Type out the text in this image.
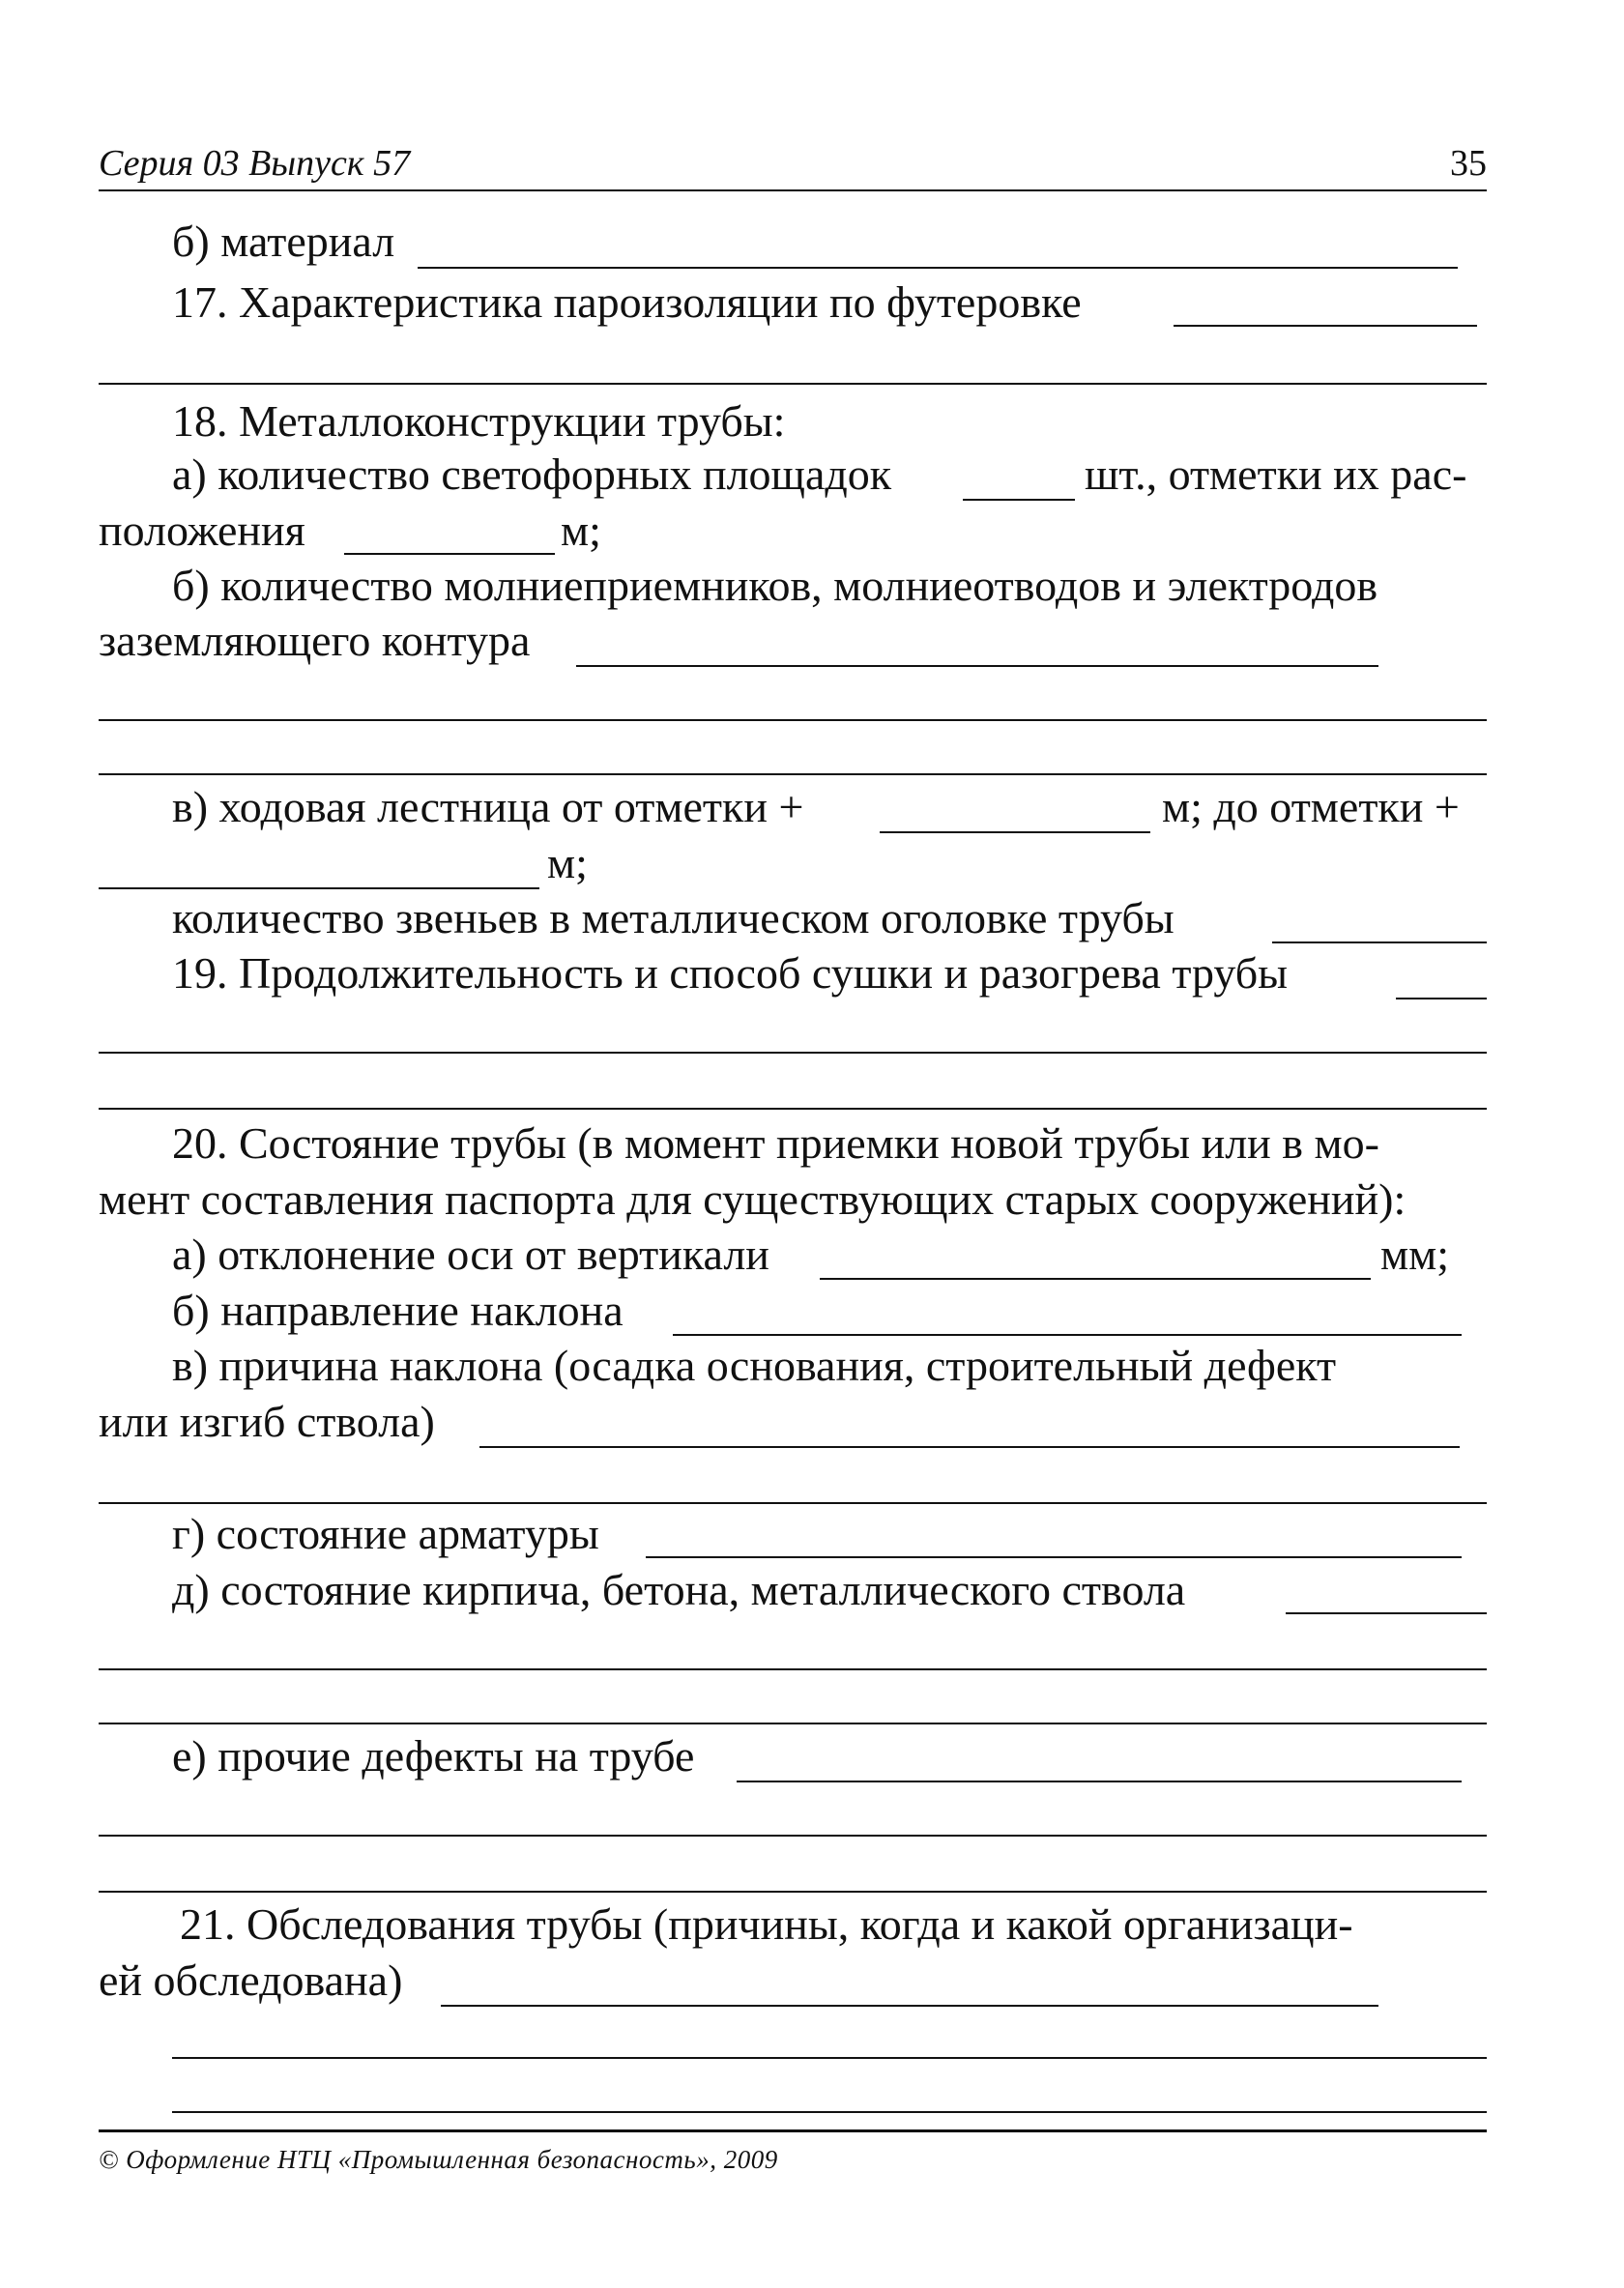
Серия 03 Выпуск 57	35
б) материал
17. Характеристика пароизоляции по футеровке
18. Металлоконструкции трубы:
а) количество светофорных площадок	шт., отметки их рас-
положения	м;
б) количество молниеприемников, молниеотводов и электродов
заземляющего контура
в) ходовая лестница от отметки +	м; до отметки +
м;
количество звеньев в металлическом оголовке трубы
19. Продолжительность и способ сушки и разогрева трубы
20. Состояние трубы (в момент приемки новой трубы или в мо-
мент составления паспорта для существующих старых сооружений):
а) отклонение оси от вертикали	мм;
б) направление наклона
в) причина наклона (осадка основания, строительный дефект
или изгиб ствола)
г) состояние арматуры
д) состояние кирпича, бетона, металлического ствола
е) прочие дефекты на трубе
21. Обследования трубы (причины, когда и какой организаци-
ей обследована)
© Оформление НТЦ «Промышленная безопасность», 2009
